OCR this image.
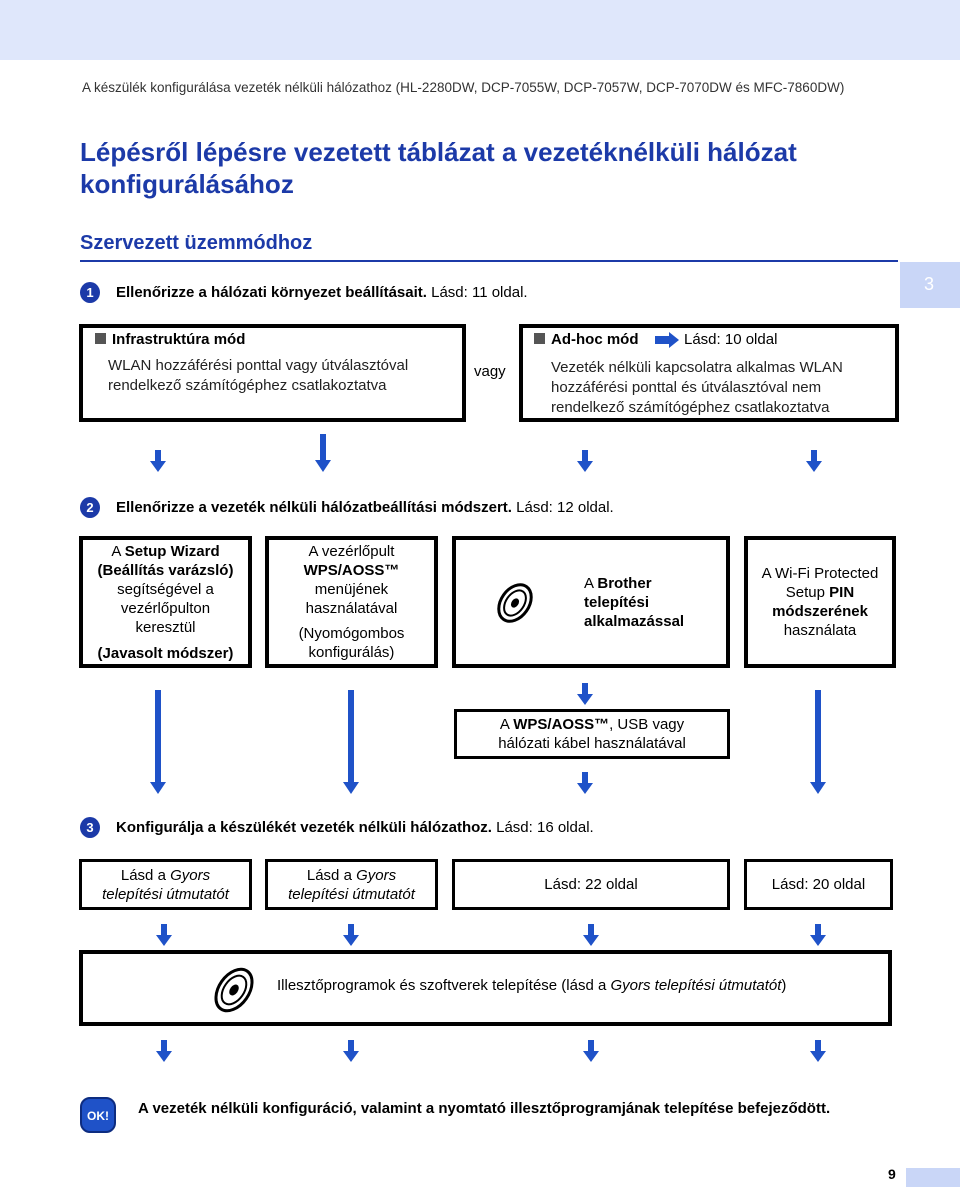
A készülék konfigurálása vezeték nélküli hálózathoz (HL-2280DW, DCP-7055W, DCP-7057W, DCP-7070DW és MFC-7860DW)
Lépésről lépésre vezetett táblázat a vezetéknélküli hálózat konfigurálásához
Szervezett üzemmódhoz
3
1	Ellenőrizze a hálózati környezet beállításait. Lásd: 11 oldal.
Infrastruktúra mód
WLAN hozzáférési ponttal vagy útválasztóval rendelkező számítógéphez csatlakoztatva
vagy
Ad-hoc mód	Lásd: 10 oldal
Vezeték nélküli kapcsolatra alkalmas WLAN hozzáférési ponttal és útválasztóval nem rendelkező számítógéphez csatlakoztatva
2	Ellenőrizze a vezeték nélküli hálózatbeállítási módszert. Lásd: 12 oldal.
A Setup Wizard
(Beállítás varázsló)
segítségével a
vezérlőpulton
keresztül
(Javasolt módszer)
A vezérlőpult
WPS/AOSS™
menüjének
használatával
(Nyomógombos
konfigurálás)
A Brother
telepítési
alkalmazással
A Wi-Fi Protected
Setup PIN
módszerének
használata
A WPS/AOSS™, USB vagy
hálózati kábel használatával
3	Konfigurálja a készülékét vezeték nélküli hálózathoz. Lásd: 16 oldal.
Lásd a Gyors
telepítési útmutatót
Lásd a Gyors
telepítési útmutatót
Lásd: 22 oldal	Lásd: 20 oldal
Illesztőprogramok és szoftverek telepítése (lásd a Gyors telepítési útmutatót)
OK! A vezeték nélküli konfiguráció, valamint a nyomtató illesztőprogramjának telepítése befejeződött.
9
